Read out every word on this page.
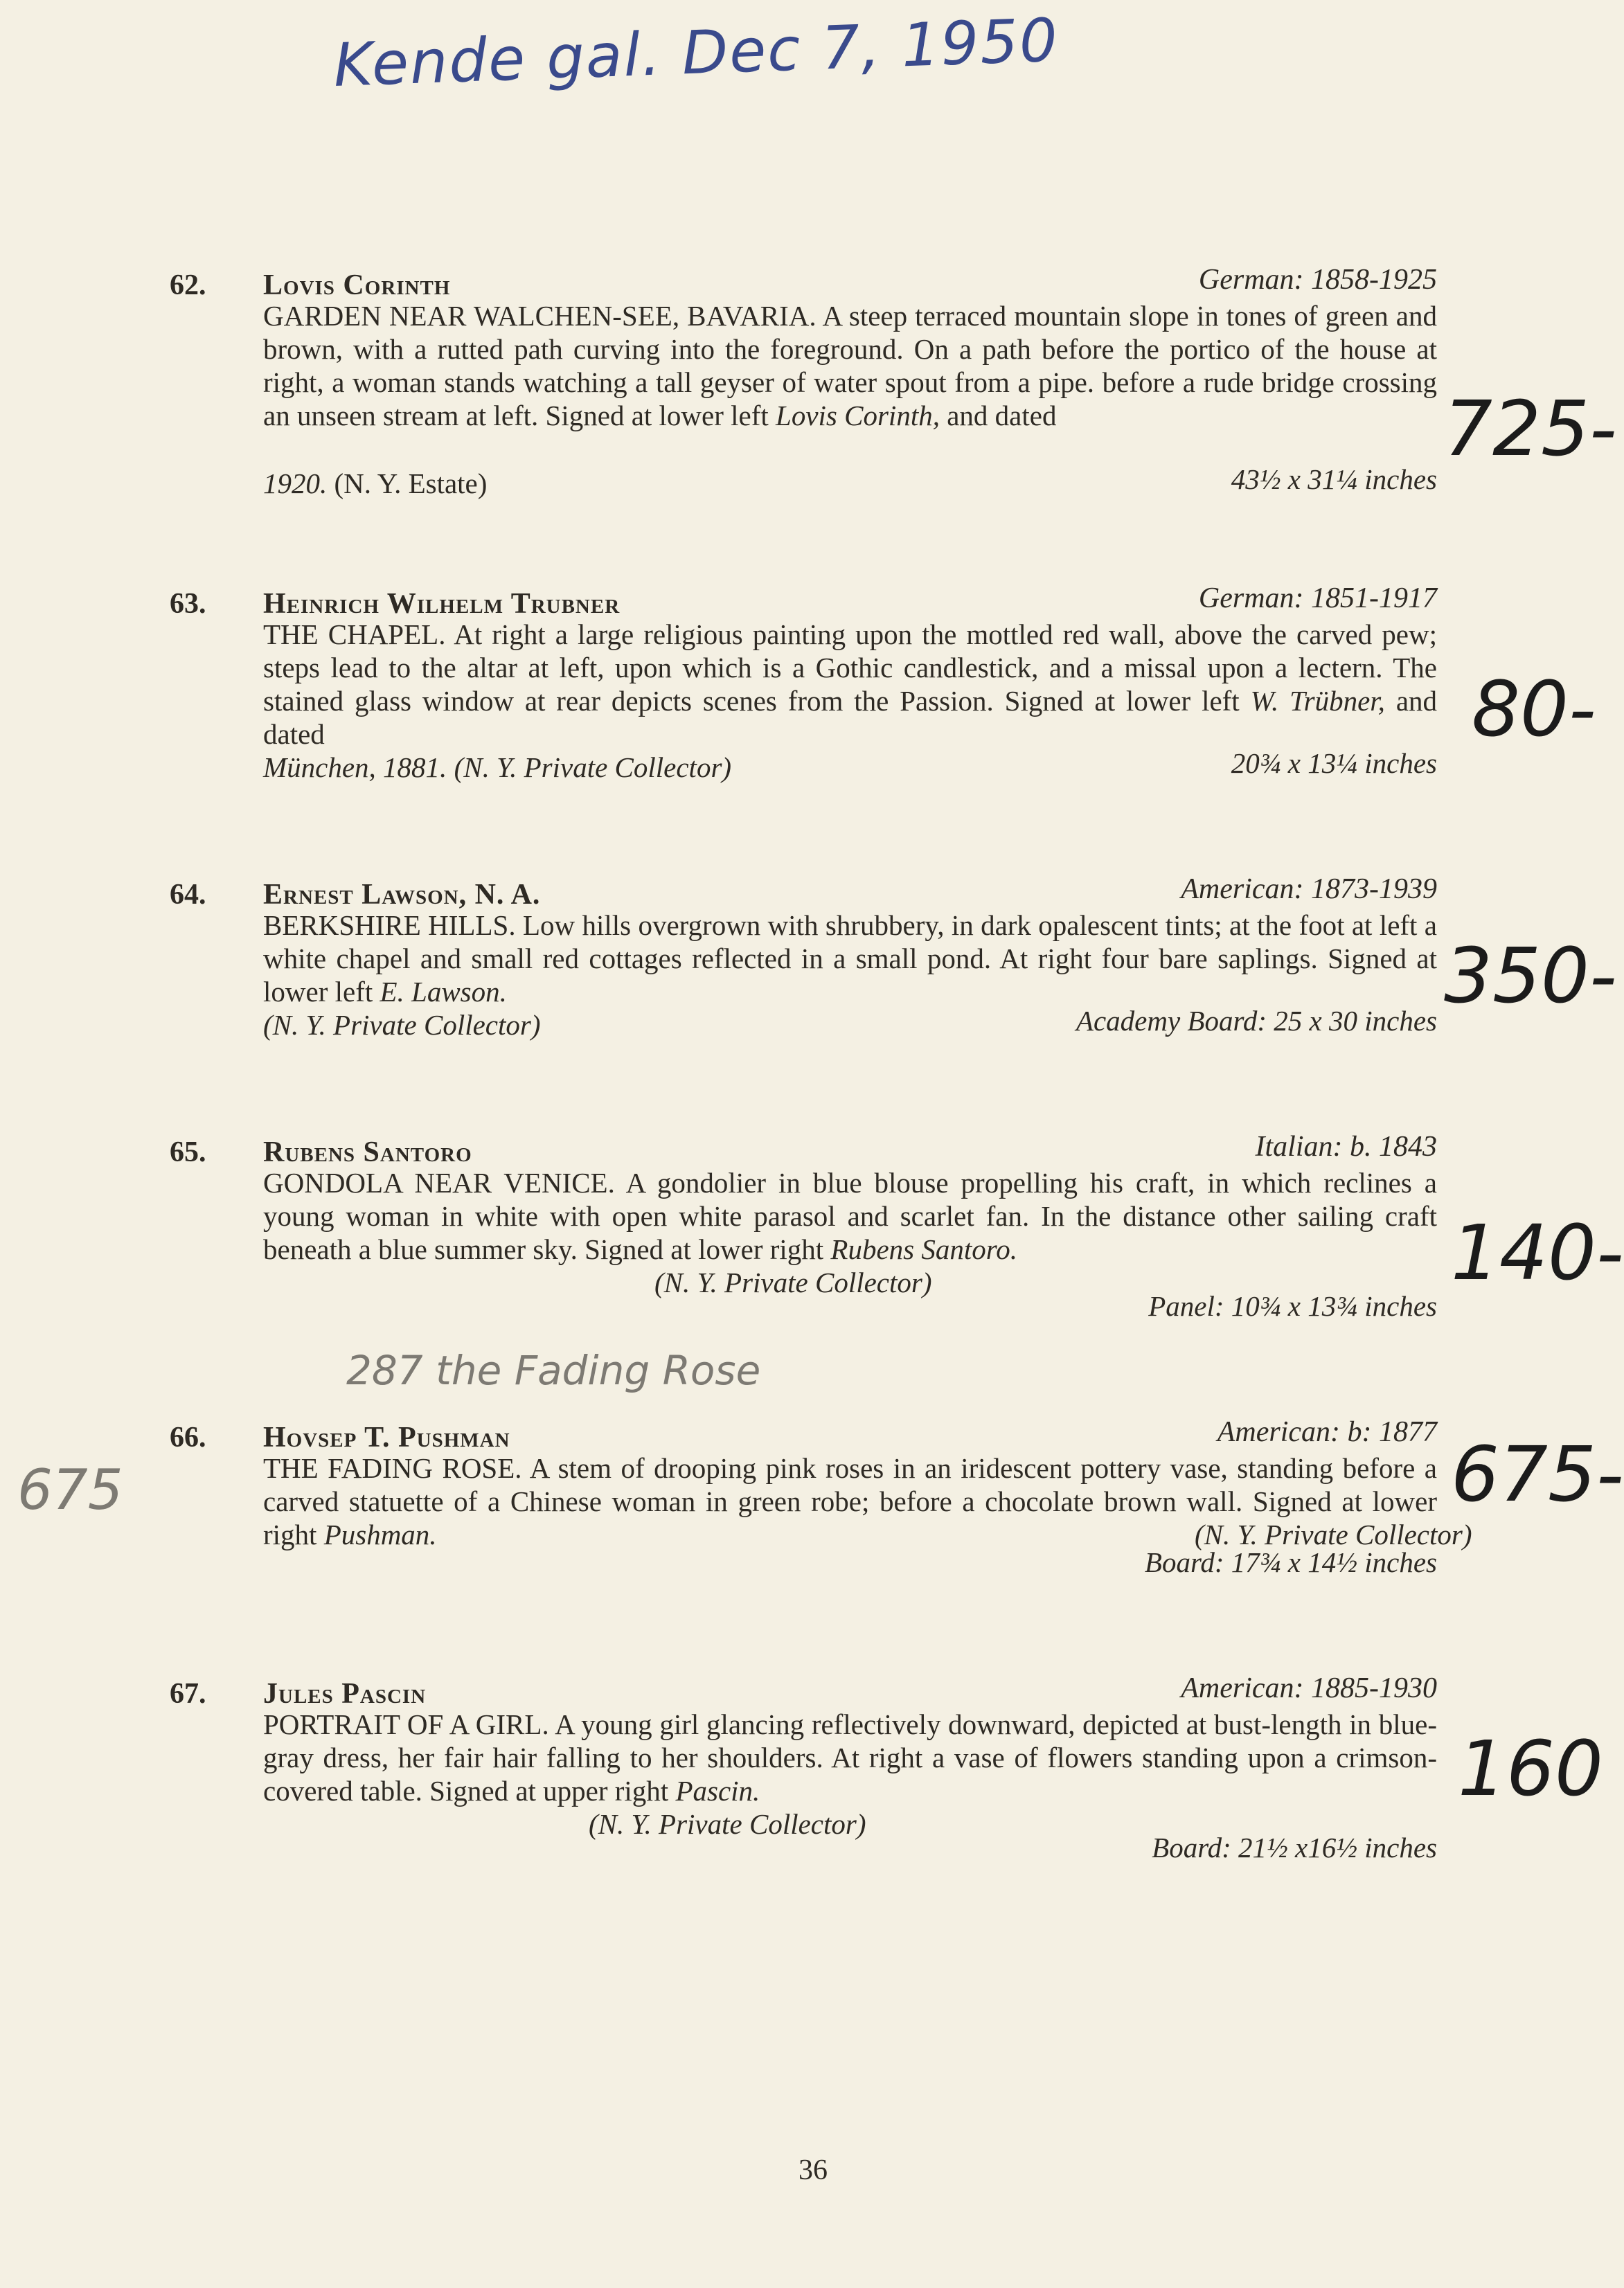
Kende gal. Dec 7, 1950
62. Lovis Corinth	German: 1858-1925
GARDEN NEAR WALCHEN-SEE, BAVARIA. A steep terraced mountain slope in tones of green and brown, with a rutted path curving into the foreground. On a path before the portico of the house at right, a woman stands watching a tall geyser of water spout from a pipe. before a rude bridge crossing an unseen stream at left. Signed at lower left Lovis Corinth, and dated
1920. (N. Y. Estate)	43½ x 31¼ inches
725-
63. Heinrich Wilhelm Trubner	German: 1851-1917
THE CHAPEL. At right a large religious painting upon the mottled red wall, above the carved pew; steps lead to the altar at left, upon which is a Gothic candlestick, and a missal upon a lectern. The stained glass window at rear depicts scenes from the Passion. Signed at lower left W. Trübner, and dated
München, 1881. (N. Y. Private Collector)	20¾ x 13¼ inches
80-
64. Ernest Lawson, N. A.	American: 1873-1939
BERKSHIRE HILLS. Low hills overgrown with shrubbery, in dark opalescent tints; at the foot at left a white chapel and small red cottages reflected in a small pond. At right four bare saplings. Signed at lower left E. Lawson.
(N. Y. Private Collector)	Academy Board: 25 x 30 inches
350-
65. Rubens Santoro	Italian: b. 1843
GONDOLA NEAR VENICE. A gondolier in blue blouse propelling his craft, in which reclines a young woman in white with open white parasol and scarlet fan. In the distance other sailing craft beneath a blue summer sky. Signed at lower right Rubens Santoro.
(N. Y. Private Collector)
Panel: 10¾ x 13¾ inches
140-
287 the Fading Rose
66. Hovsep T. Pushman	American: b: 1877
THE FADING ROSE. A stem of drooping pink roses in an iridescent pottery vase, standing before a carved statuette of a Chinese woman in green robe; before a chocolate brown wall. Signed at lower right Pushman.	(N. Y. Private Collector)
Board: 17¾ x 14½ inches
675-
675
67. Jules Pascin	American: 1885-1930
PORTRAIT OF A GIRL. A young girl glancing reflectively downward, depicted at bust-length in blue-gray dress, her fair hair falling to her shoulders. At right a vase of flowers standing upon a crimson-covered table. Signed at upper right Pascin.
(N. Y. Private Collector)
Board: 21½ x16½ inches
160
36
